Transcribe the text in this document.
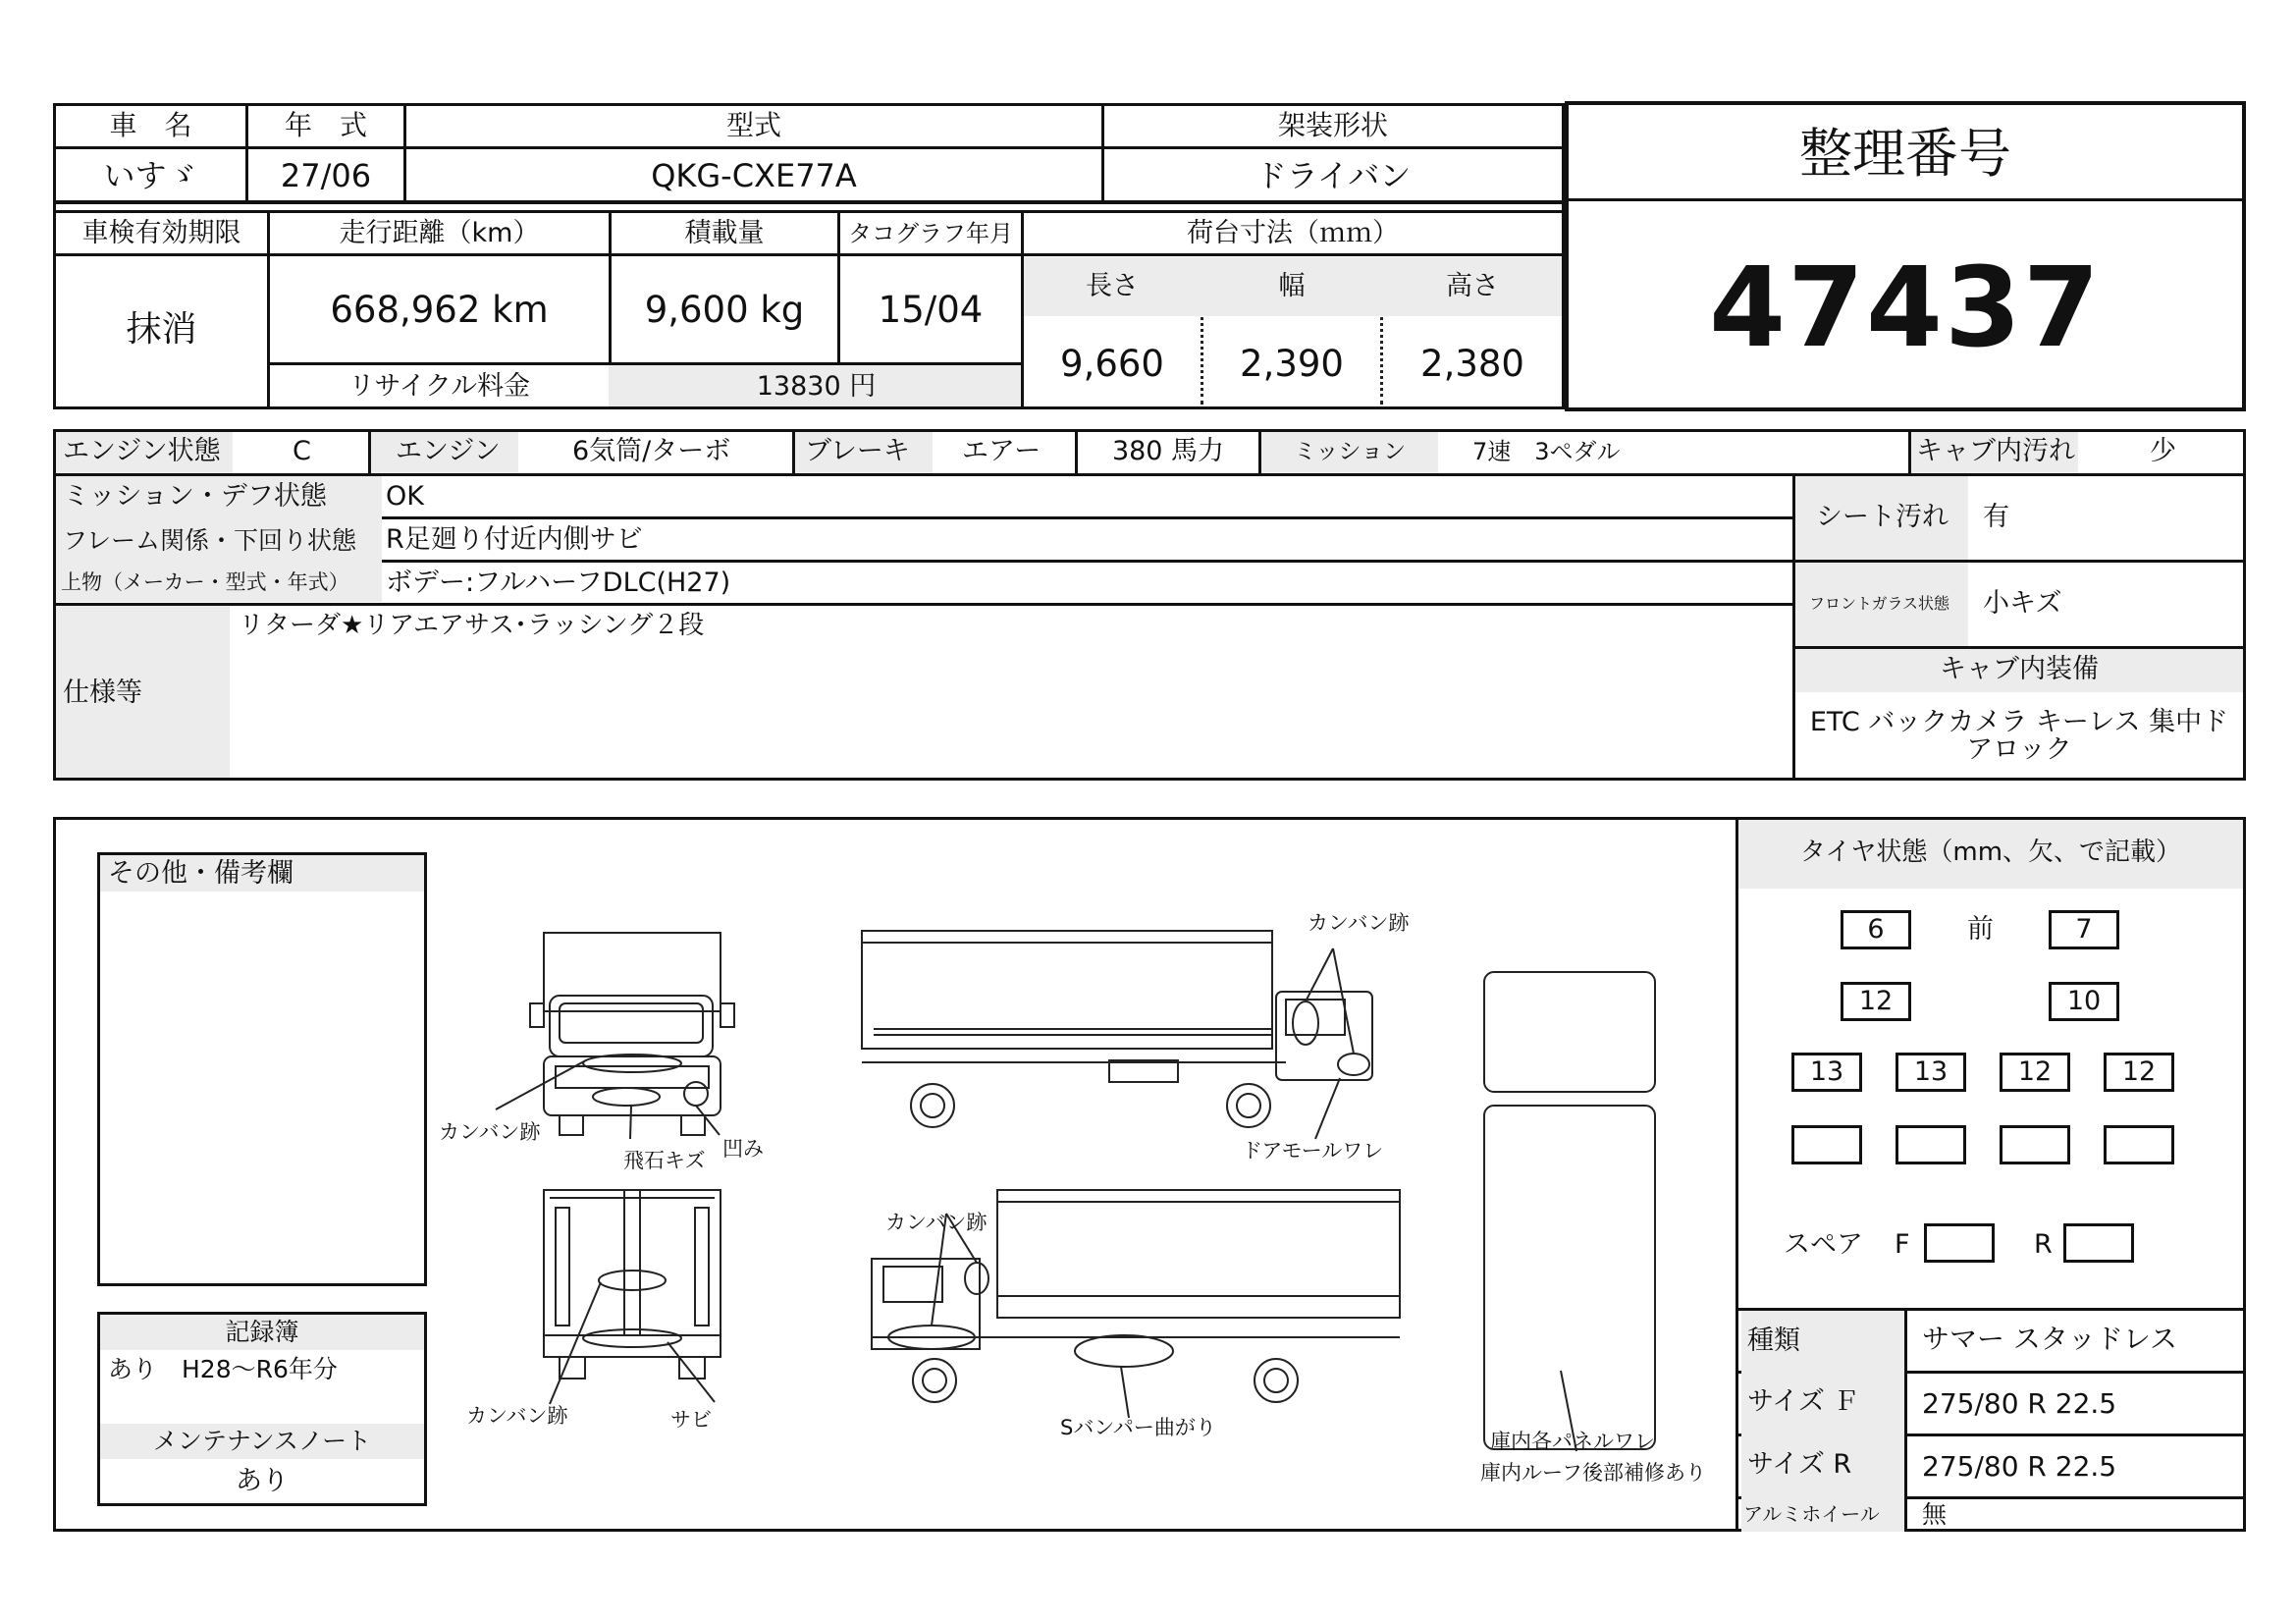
車　名	年　式	型式	架装形状
いすゞ	27/06	QKG-CXE77A	ドライバン
車検有効期限	走行距離（km）	積載量	タコグラフ年月	荷台寸法（ｍｍ）
抹消	668,962 km	9,600 kg	15/04
長さ	幅	高さ
9,660	2,390	2,380
リサイクル料金	13830 円
整理番号
47437
エンジン状態	C	エンジン	6気筒/ターボ	ブレーキ エアー	380 馬力	ミッション	7速　3ペダル	キャブ内汚れ	少
ミッション・デフ状態 OK
フレーム関係・下回り状態 R足廻り付近内側サビ
上物（メーカー・型式・年式） ボデー:フルハーフDLC(H27)
仕様等
リターダ★リアエアサス･ラッシング２段
シート汚れ 有
フロントガラス状態 小キズ
キャブ内装備
ETC バックカメラ キーレス 集中ド
アロック
その他・備考欄
記録簿
あり　H28～R6年分
メンテナンスノート
あり
カンバン跡
飛石キズ 凹み
カンバン跡
ドアモールワレ
カンバン跡	サビ
カンバン跡
Sバンパー曲がり
庫内各パネルワレ
庫内ルーフ後部補修あり
タイヤ状態（mm、欠、で記載）
6	前	7
12	10
13	13	12	12
スペア F	R
種類	サマー スタッドレス
サイズ Ｆ 275/80 R 22.5
サイズ R	275/80 R 22.5
アルミホイール 無
